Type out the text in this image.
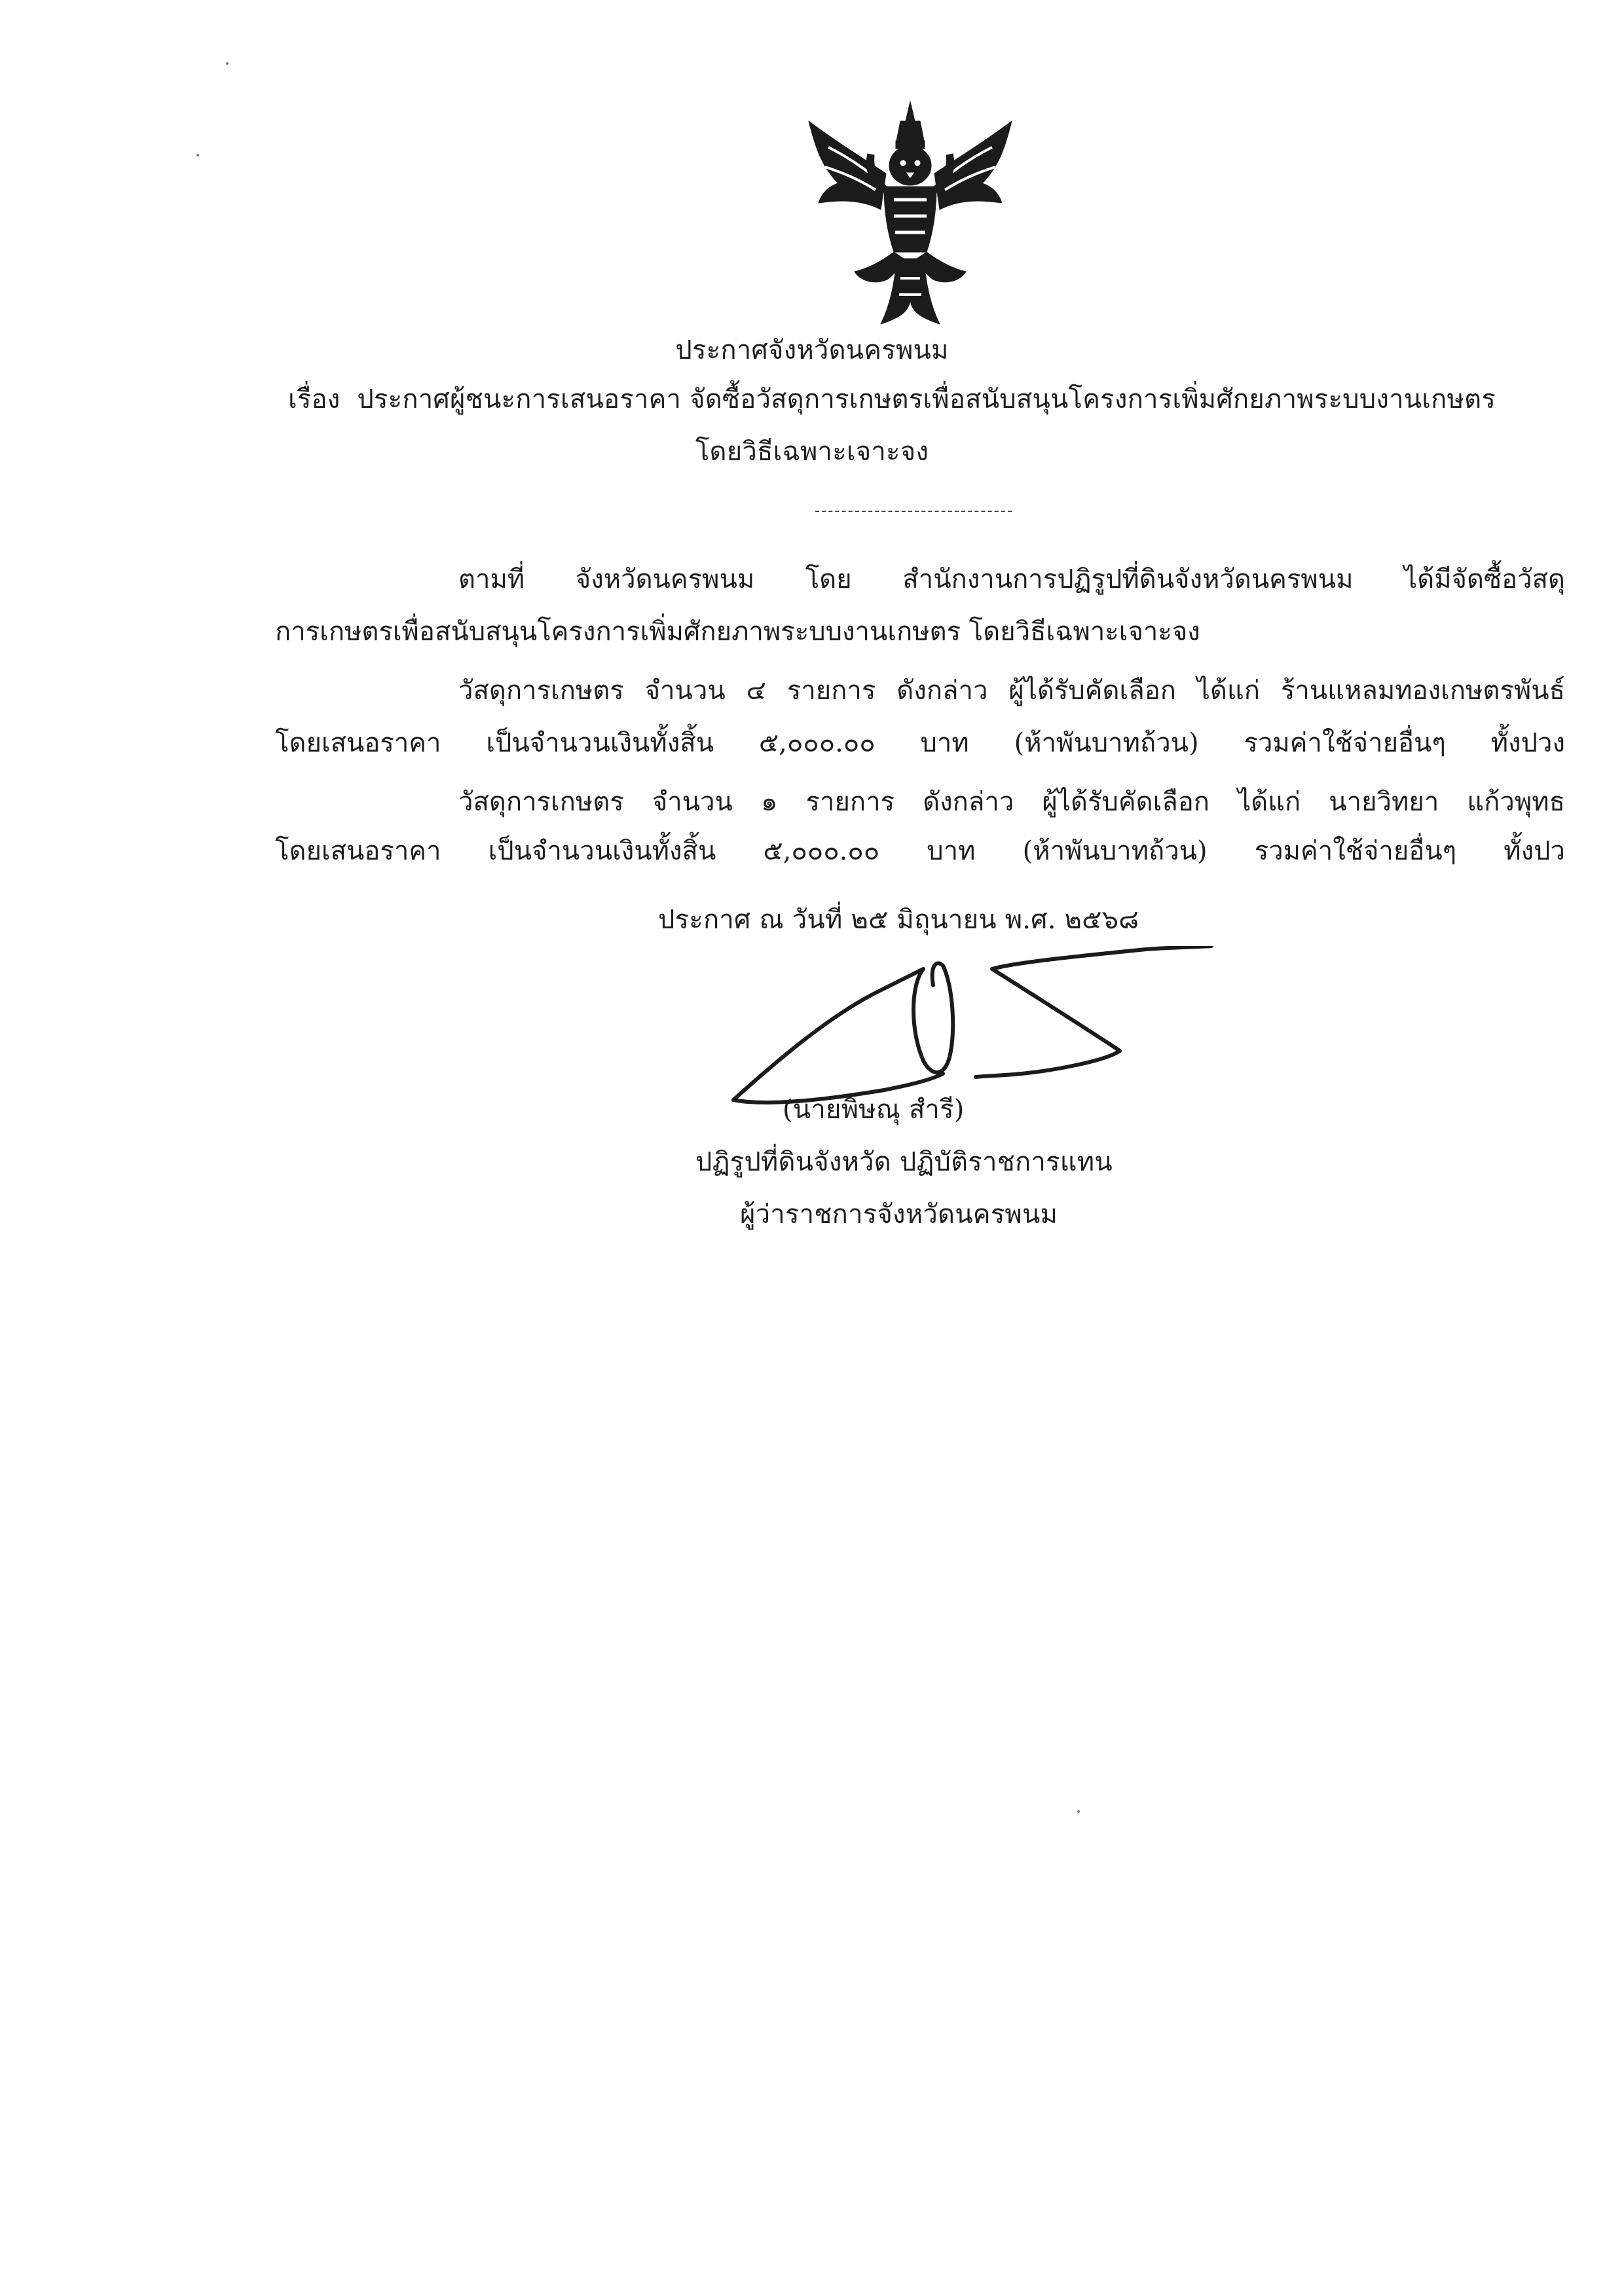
ประกาศจังหวัดนครพนม
เรื่อง ประกาศผู้ชนะการเสนอราคา จัดซื้อวัสดุการเกษตรเพื่อสนับสนุนโครงการเพิ่มศักยภาพระบบงานเกษตร
โดยวิธีเฉพาะเจาะจง
ตามที่ จังหวัดนครพนม โดย สำนักงานการปฏิรูปที่ดินจังหวัดนครพนม ได้มีจัดซื้อวัสดุ
การเกษตรเพื่อสนับสนุนโครงการเพิ่มศักยภาพระบบงานเกษตร โดยวิธีเฉพาะเจาะจง
วัสดุการเกษตร จำนวน ๔ รายการ ดังกล่าว ผู้ได้รับคัดเลือก ได้แก่ ร้านแหลมทองเกษตรพันธ์
โดยเสนอราคา เป็นจำนวนเงินทั้งสิ้น ๕,๐๐๐.๐๐ บาท (ห้าพันบาทถ้วน) รวมค่าใช้จ่ายอื่นๆ ทั้งปวง
วัสดุการเกษตร จำนวน ๑ รายการ ดังกล่าว ผู้ได้รับคัดเลือก ได้แก่ นายวิทยา แก้วพุทธ
โดยเสนอราคา เป็นจำนวนเงินทั้งสิ้น ๕,๐๐๐.๐๐ บาท (ห้าพันบาทถ้วน) รวมค่าใช้จ่ายอื่นๆ ทั้งปว
ประกาศ ณ วันที่ ๒๕ มิถุนายน พ.ศ. ๒๕๖๘
(นายพิษณุ สำรี)
ปฏิรูปที่ดินจังหวัด ปฏิบัติราชการแทน
ผู้ว่าราชการจังหวัดนครพนม
